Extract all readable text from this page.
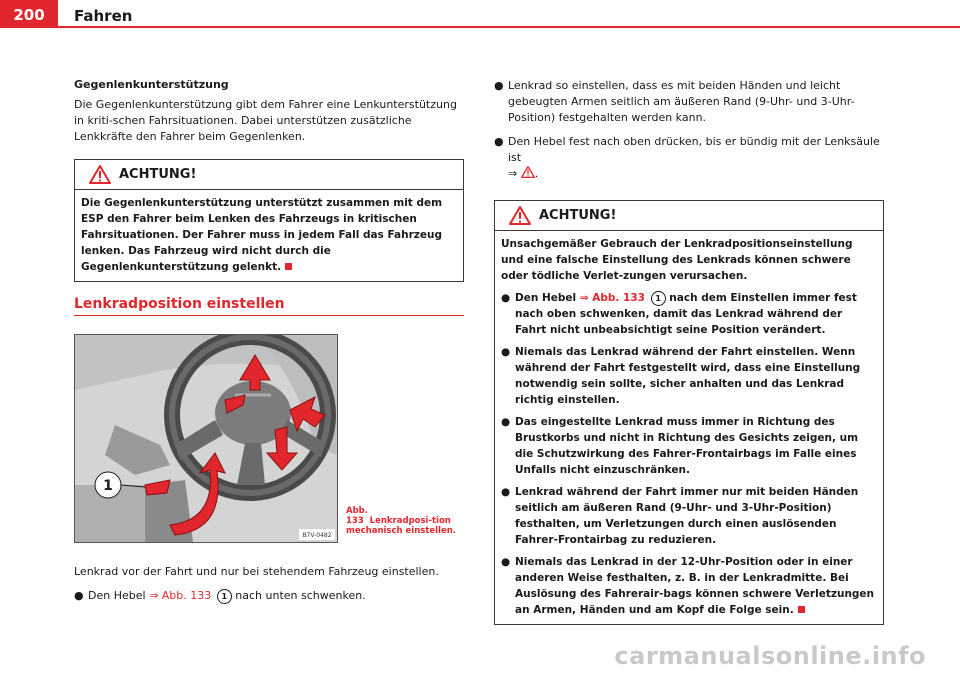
200	Fahren
Gegenlenkunterstützung

Die Gegenlenkunterstützung gibt dem Fahrer eine Lenkunterstützung in kriti-schen Fahrsituationen. Dabei unterstützen zusätzliche Lenkkräfte den Fahrer beim Gegenlenken.

ACHTUNG!
Die Gegenlenkunterstützung unterstützt zusammen mit dem ESP den Fahrer beim Lenken des Fahrzeugs in kritischen Fahrsituationen. Der Fahrer muss in jedem Fall das Fahrzeug lenken. Das Fahrzeug wird nicht durch die Gegenlenkunterstützung gelenkt.
Lenkradposition einstellen
1
B7V-0482
Abb. 133 Lenkradposi-tion mechanisch einstellen.

Lenkrad vor der Fahrt und nur bei stehendem Fahrzeug einstellen.

● Den Hebel ⇒ Abb. 133 1 nach unten schwenken.
● Lenkrad so einstellen, dass es mit beiden Händen und leicht gebeugten Armen seitlich am äußeren Rand (9-Uhr- und 3-Uhr-Position) festgehalten werden kann.
● Den Hebel fest nach oben drücken, bis er bündig mit der Lenksäule ist
⇒ .
ACHTUNG!
Unsachgemäßer Gebrauch der Lenkradpositionseinstellung und eine falsche Einstellung des Lenkrads können schwere oder tödliche Verlet-zungen verursachen.
● Den Hebel ⇒ Abb. 133 1 nach dem Einstellen immer fest nach oben schwenken, damit das Lenkrad während der Fahrt nicht unbeabsichtigt seine Position verändert.
● Niemals das Lenkrad während der Fahrt einstellen. Wenn während der Fahrt festgestellt wird, dass eine Einstellung notwendig sein sollte, sicher anhalten und das Lenkrad richtig einstellen.
● Das eingestellte Lenkrad muss immer in Richtung des Brustkorbs und nicht in Richtung des Gesichts zeigen, um die Schutzwirkung des Fahrer-Frontairbags im Falle eines Unfalls nicht einzuschränken.
● Lenkrad während der Fahrt immer nur mit beiden Händen seitlich am äußeren Rand (9-Uhr- und 3-Uhr-Position) festhalten, um Verletzungen durch einen auslösenden Fahrer-Frontairbag zu reduzieren.
● Niemals das Lenkrad in der 12-Uhr-Position oder in einer anderen Weise festhalten, z. B. in der Lenkradmitte. Bei Auslösung des Fahrerair-bags können schwere Verletzungen an Armen, Händen und am Kopf die Folge sein.
carmanualsonline.info
